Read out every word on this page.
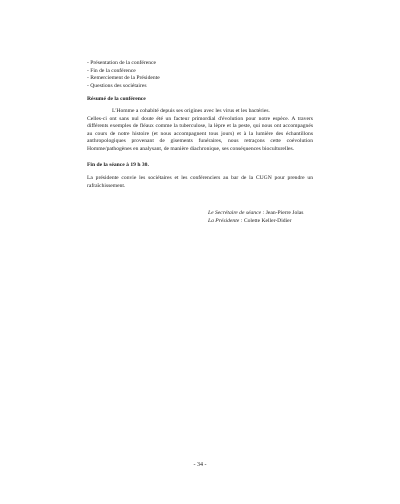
- Présentation de la conférence
- Fin de la conférence
- Remerciement de la Présidente
- Questions des sociétaires
Résumé de la conférence

L'Homme a cohabité depuis ses origines avec les virus et les bactéries.

Celles-ci ont sans nul doute été un facteur primordial d'évolution pour notre espèce. A travers différents exemples de fléaux comme la tuberculose, la lèpre et la peste, qui nous ont accompagnés au cours de notre histoire (et nous accompagnent tous jours) et à la lumière des échantillons anthropologiques provenant de gisements funéraires, nous retraçons cette coévolution Homme/pathogènes en analysant, de manière diachronique, ses conséquences bioculturelles.

Fin de la séance à 19 h 30.

La présidente convie les sociétaires et les conférenciers au bar de la CUGN pour prendre un rafraîchissement.

Le Secrétaire de séance : Jean-Pierre Jolas
La Présidente : Colette Keller-Didier
- 34 -
